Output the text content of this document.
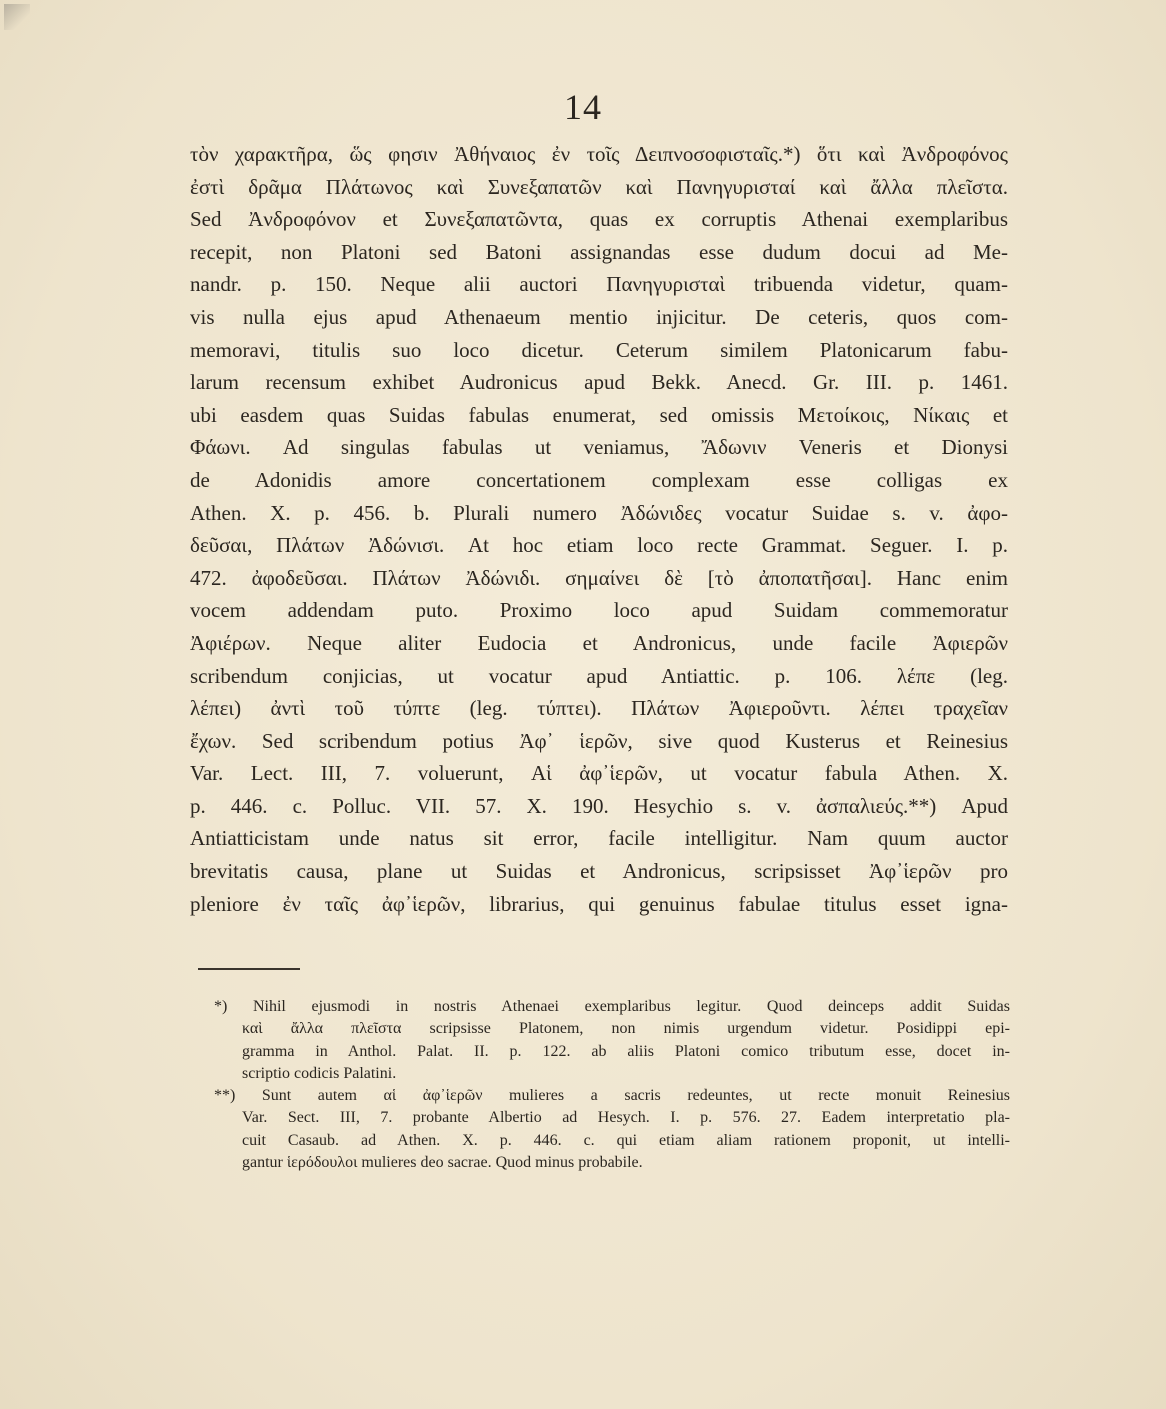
14
τὸν χαρακτῆρα, ὥς φησιν Ἀθήναιος ἐν τοῖς Δειπνοσοφισταῖς.*) ὅτι καὶ Ἀνδροφόνος
ἐστὶ δρᾶμα Πλάτωνος καὶ Συνεξαπατῶν καὶ Πανηγυρισταί καὶ ἄλλα πλεῖστα.
Sed Ἀνδροφόνον et Συνεξαπατῶντα, quas ex corruptis Athenai exemplaribus
recepit, non Platoni sed Batoni assignandas esse dudum docui ad Me-
nandr. p. 150. Neque alii auctori Πανηγυρισταὶ tribuenda videtur, quam-
vis nulla ejus apud Athenaeum mentio injicitur. De ceteris, quos com-
memoravi, titulis suo loco dicetur. Ceterum similem Platonicarum fabu-
larum recensum exhibet Audronicus apud Bekk. Anecd. Gr. III. p. 1461.
ubi easdem quas Suidas fabulas enumerat, sed omissis Μετοίκοις, Νίκαις et
Φάωνι. Ad singulas fabulas ut veniamus, Ἄδωνιν Veneris et Dionysi
de Adonidis amore concertationem complexam esse colligas ex
Athen. X. p. 456. b. Plurali numero Ἀδώνιδες vocatur Suidae s. v. ἀφο-
δεῦσαι, Πλάτων Ἀδώνισι. At hoc etiam loco recte Grammat. Seguer. I. p.
472. ἀφοδεῦσαι. Πλάτων Ἀδώνιδι. σημαίνει δὲ [τὸ ἀποπατῆσαι]. Hanc enim
vocem addendam puto. Proximo loco apud Suidam commemoratur
Ἀφιέρων. Neque aliter Eudocia et Andronicus, unde facile Ἀφιερῶν
scribendum conjicias, ut vocatur apud Antiattic. p. 106. λέπε (leg.
λέπει) ἀντὶ τοῦ τύπτε (leg. τύπτει). Πλάτων Ἀφιεροῦντι. λέπει τραχεῖαν
ἔχων. Sed scribendum potius Ἀφ᾽ ἱερῶν, sive quod Kusterus et Reinesius
Var. Lect. III, 7. voluerunt, Αἱ ἀφ᾽ἱερῶν, ut vocatur fabula Athen. X.
p. 446. c. Polluc. VII. 57. X. 190. Hesychio s. v. ἀσπαλιεύς.**) Apud
Antiatticistam unde natus sit error, facile intelligitur. Nam quum auctor
brevitatis causa, plane ut Suidas et Andronicus, scripsisset Ἀφ᾽ἱερῶν pro
pleniore ἐν ταῖς ἀφ᾽ἱερῶν, librarius, qui genuinus fabulae titulus esset igna-
*) Nihil ejusmodi in nostris Athenaei exemplaribus legitur. Quod deinceps addit Suidas
καὶ ἄλλα πλεῖστα scripsisse Platonem, non nimis urgendum videtur. Posidippi epi-
gramma in Anthol. Palat. II. p. 122. ab aliis Platoni comico tributum esse, docet in-
scriptio codicis Palatini.
**) Sunt autem αἱ ἀφ᾽ἱερῶν mulieres a sacris redeuntes, ut recte monuit Reinesius
Var. Sect. III, 7. probante Albertio ad Hesych. I. p. 576. 27. Eadem interpretatio pla-
cuit Casaub. ad Athen. X. p. 446. c. qui etiam aliam rationem proponit, ut intelli-
gantur ἱερόδουλοι mulieres deo sacrae. Quod minus probabile.
